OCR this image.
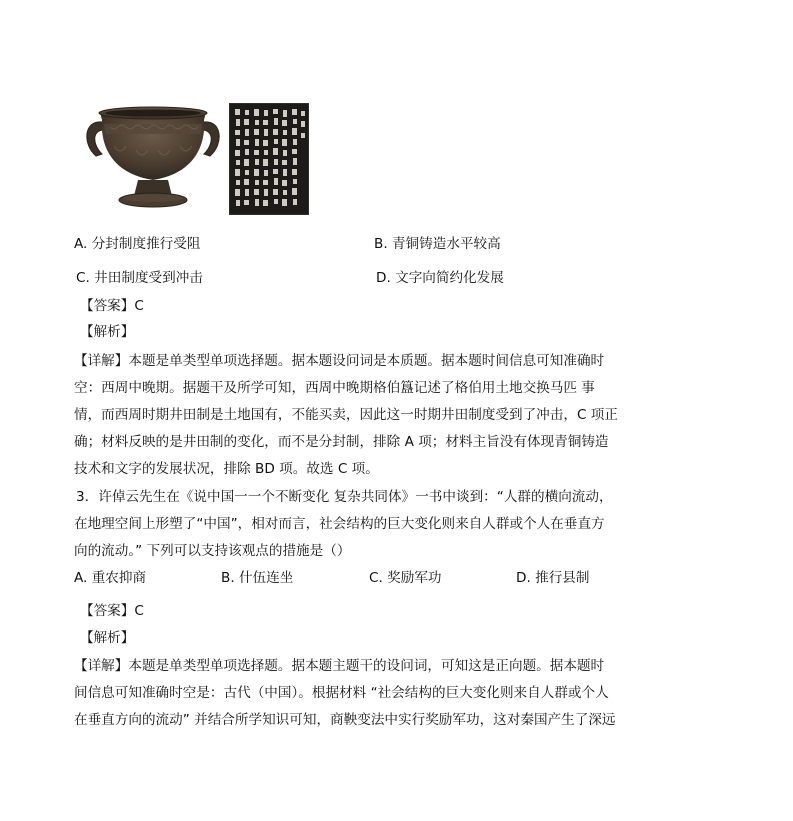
A. 分封制度推行受阻	B. 青铜铸造水平较高
C. 井田制度受到冲击	D. 文字向简约化发展
【答案】C
【解析】
【详解】本题是单类型单项选择题。据本题设问词是本质题。据本题时间信息可知准确时
空：西周中晚期。据题干及所学可知，西周中晚期格伯簋记述了格伯用土地交换马匹 事
情，而西周时期井田制是土地国有，不能买卖，因此这一时期井田制度受到了冲击，C 项正
确；材料反映的是井田制的变化，而不是分封制，排除 A 项；材料主旨没有体现青铜铸造
技术和文字的发展状况，排除 BD 项。故选 C 项。
3．许倬云先生在《说中国一一个不断变化 复杂共同体》一书中谈到：“人群的横向流动，
在地理空间上形塑了“中国”，相对而言，社会结构的巨大变化则来自人群或个人在垂直方
向的流动。” 下列可以支持该观点的措施是（）
A. 重农抑商	B. 什伍连坐	C. 奖励军功	D. 推行县制
【答案】C
【解析】
【详解】本题是单类型单项选择题。据本题主题干的设问词，可知这是正向题。据本题时
间信息可知准确时空是：古代（中国）。根据材料 “社会结构的巨大变化则来自人群或个人
在垂直方向的流动” 并结合所学知识可知，商鞅变法中实行奖励军功，这对秦国产生了深远
